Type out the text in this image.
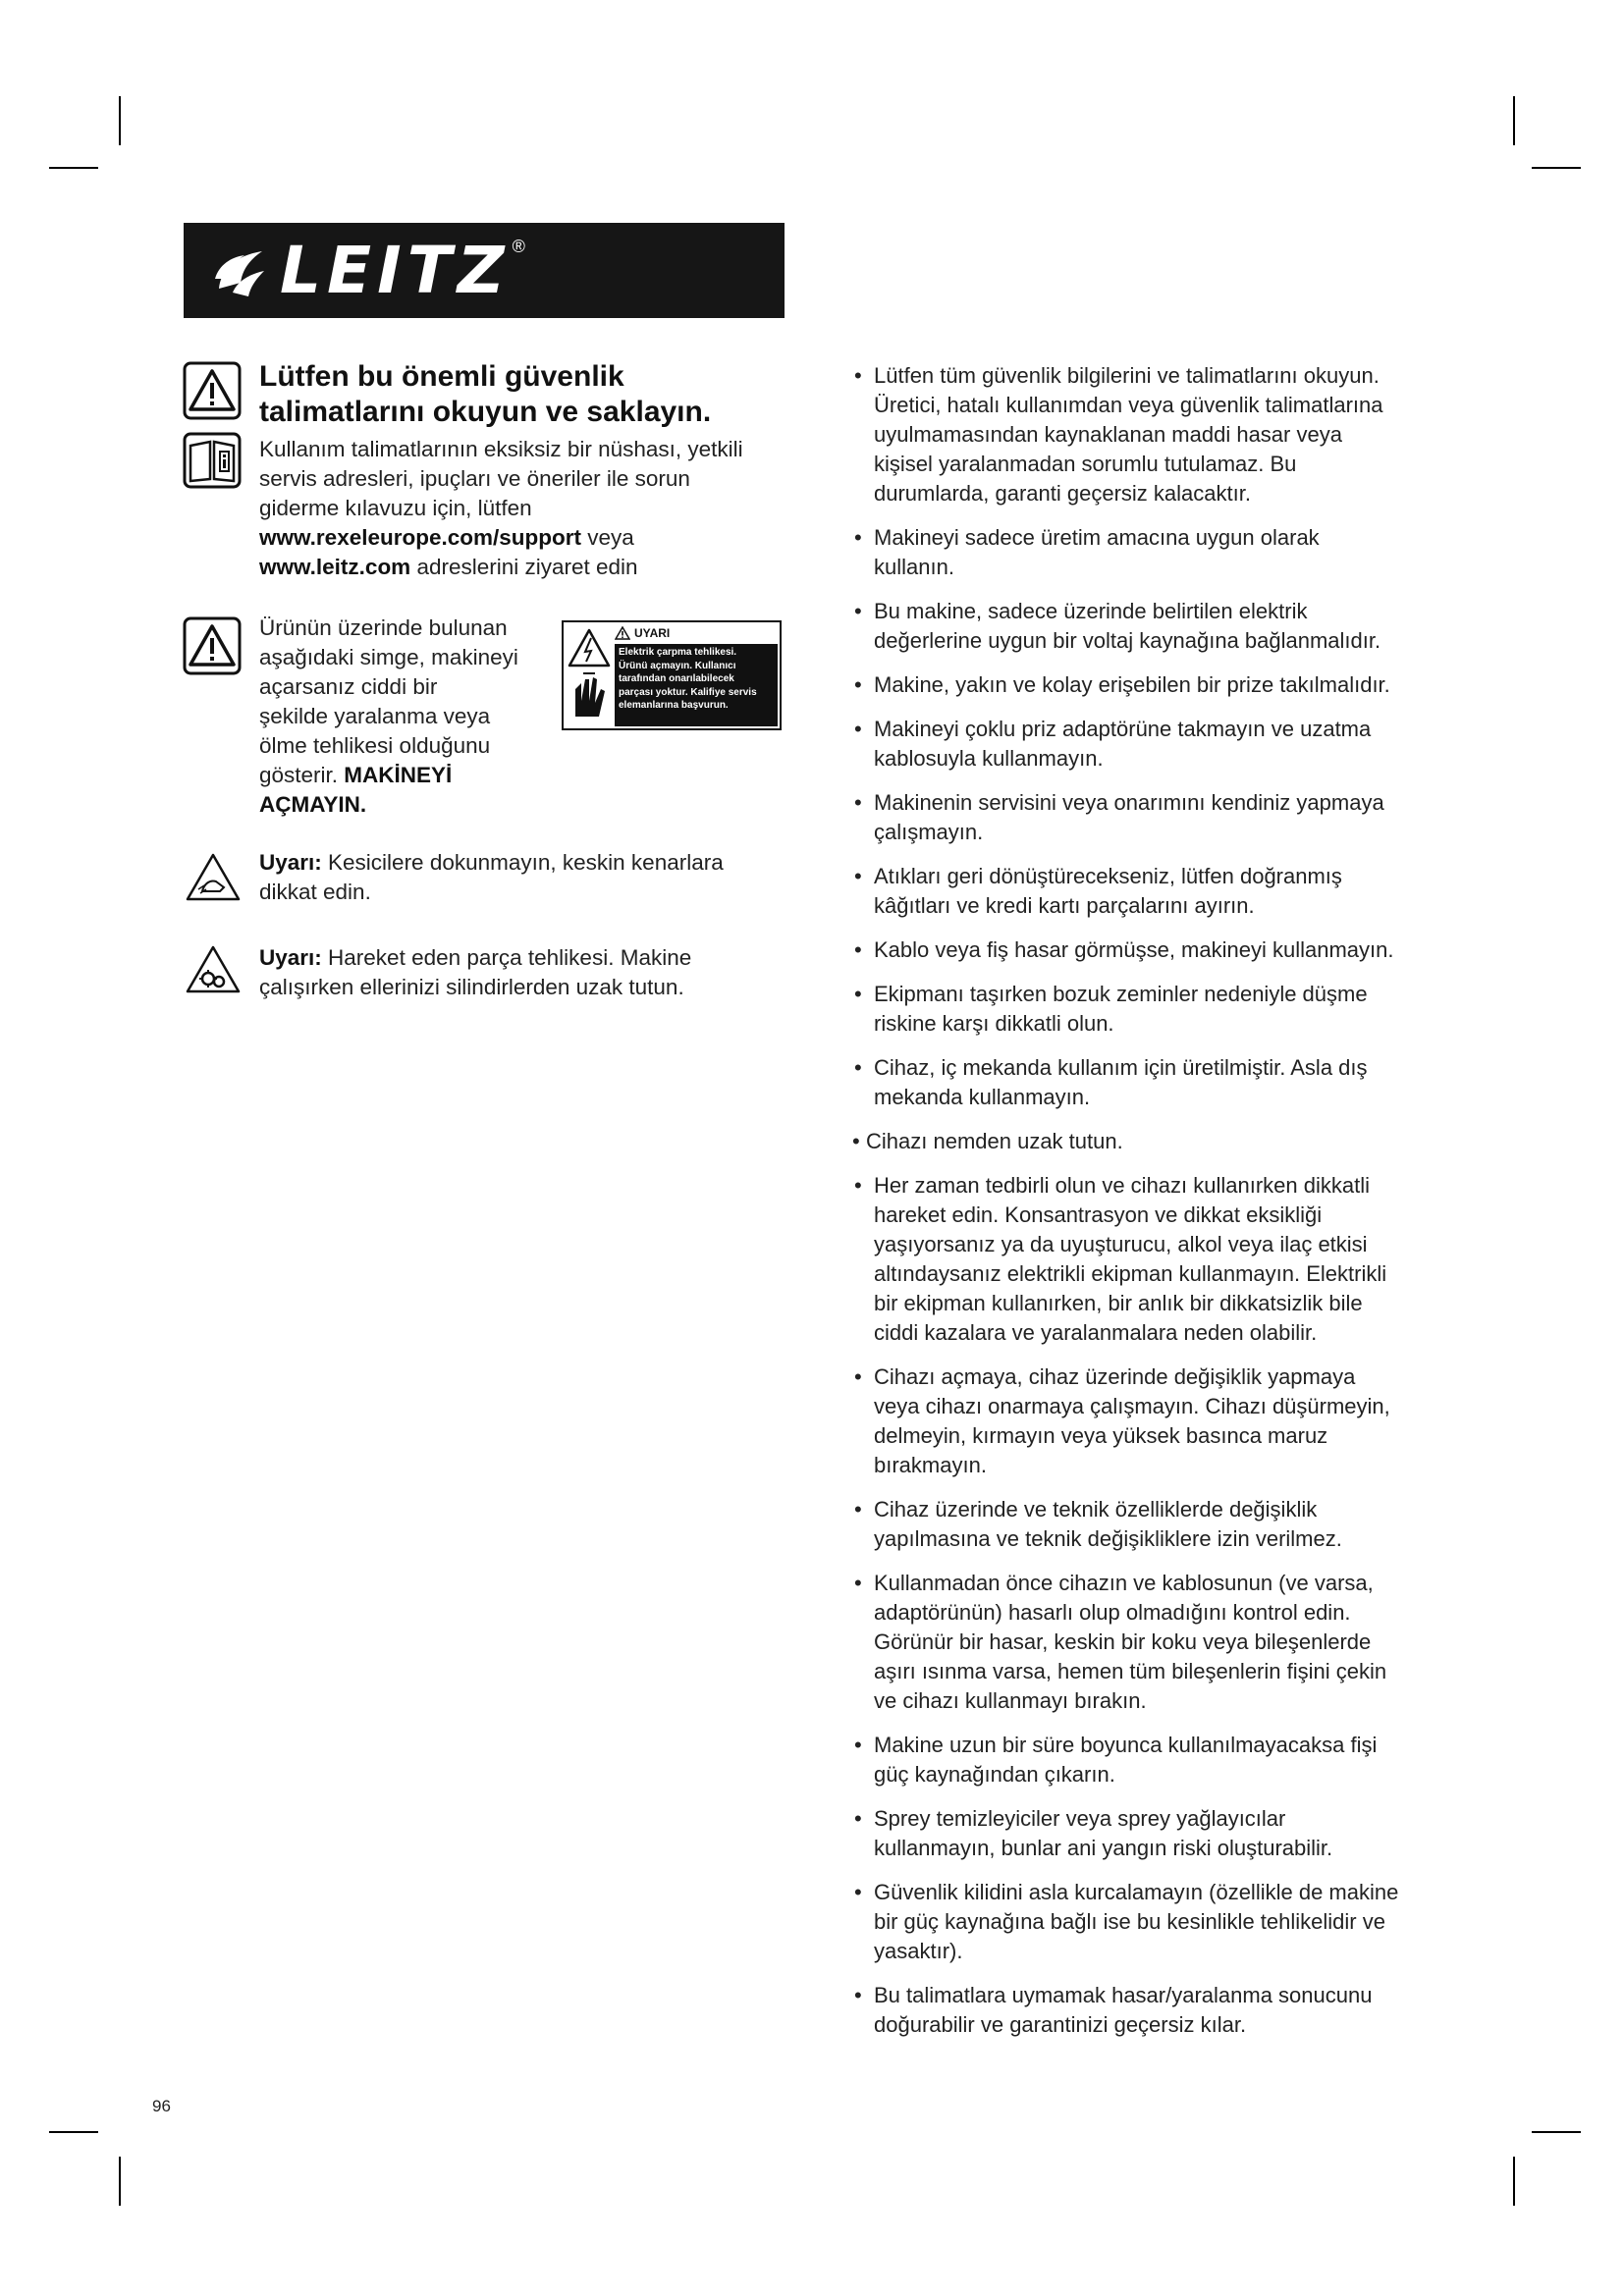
LEITZ ®
Lütfen bu önemli güvenlik
talimatlarını okuyun ve saklayın.
Kullanım talimatlarının eksiksiz bir nüshası, yetkili
servis adresleri, ipuçları ve öneriler ile sorun
giderme kılavuzu için, lütfen
www.rexeleurope.com/support veya
www.leitz.com adreslerini ziyaret edin
Ürünün üzerinde bulunan
aşağıdaki simge, makineyi
açarsanız ciddi bir
şekilde yaralanma veya
ölme tehlikesi olduğunu
gösterir. MAKİNEYİ
AÇMAYIN.
UYARI
Elektrik çarpma tehlikesi.
Ürünü açmayın. Kullanıcı
tarafından onarılabilecek
parçası yoktur. Kalifiye servis
elemanlarına başvurun.
Uyarı: Kesicilere dokunmayın, keskin kenarlara
dikkat edin.
Uyarı: Hareket eden parça tehlikesi. Makine
çalışırken ellerinizi silindirlerden uzak tutun.
• Lütfen tüm güvenlik bilgilerini ve talimatlarını okuyun.
Üretici, hatalı kullanımdan veya güvenlik talimatlarına
uyulmamasından kaynaklanan maddi hasar veya
kişisel yaralanmadan sorumlu tutulamaz. Bu
durumlarda, garanti geçersiz kalacaktır.
• Makineyi sadece üretim amacına uygun olarak
kullanın.
• Bu makine, sadece üzerinde belirtilen elektrik
değerlerine uygun bir voltaj kaynağına bağlanmalıdır.
• Makine, yakın ve kolay erişebilen bir prize takılmalıdır.
• Makineyi çoklu priz adaptörüne takmayın ve uzatma
kablosuyla kullanmayın.
• Makinenin servisini veya onarımını kendiniz yapmaya
çalışmayın.
• Atıkları geri dönüştürecekseniz, lütfen doğranmış
kâğıtları ve kredi kartı parçalarını ayırın.
• Kablo veya fiş hasar görmüşse, makineyi kullanmayın.
• Ekipmanı taşırken bozuk zeminler nedeniyle düşme
riskine karşı dikkatli olun.
• Cihaz, iç mekanda kullanım için üretilmiştir. Asla dış
mekanda kullanmayın.
• Cihazı nemden uzak tutun.
• Her zaman tedbirli olun ve cihazı kullanırken dikkatli
hareket edin. Konsantrasyon ve dikkat eksikliği
yaşıyorsanız ya da uyuşturucu, alkol veya ilaç etkisi
altındaysanız elektrikli ekipman kullanmayın. Elektrikli
bir ekipman kullanırken, bir anlık bir dikkatsizlik bile
ciddi kazalara ve yaralanmalara neden olabilir.
• Cihazı açmaya, cihaz üzerinde değişiklik yapmaya
veya cihazı onarmaya çalışmayın. Cihazı düşürmeyin,
delmeyin, kırmayın veya yüksek basınca maruz
bırakmayın.
• Cihaz üzerinde ve teknik özelliklerde değişiklik
yapılmasına ve teknik değişikliklere izin verilmez.
• Kullanmadan önce cihazın ve kablosunun (ve varsa,
adaptörünün) hasarlı olup olmadığını kontrol edin.
Görünür bir hasar, keskin bir koku veya bileşenlerde
aşırı ısınma varsa, hemen tüm bileşenlerin fişini çekin
ve cihazı kullanmayı bırakın.
• Makine uzun bir süre boyunca kullanılmayacaksa fişi
güç kaynağından çıkarın.
• Sprey temizleyiciler veya sprey yağlayıcılar
kullanmayın, bunlar ani yangın riski oluşturabilir.
• Güvenlik kilidini asla kurcalamayın (özellikle de makine
bir güç kaynağına bağlı ise bu kesinlikle tehlikelidir ve
yasaktır).
• Bu talimatlara uymamak hasar/yaralanma sonucunu
doğurabilir ve garantinizi geçersiz kılar.
96
